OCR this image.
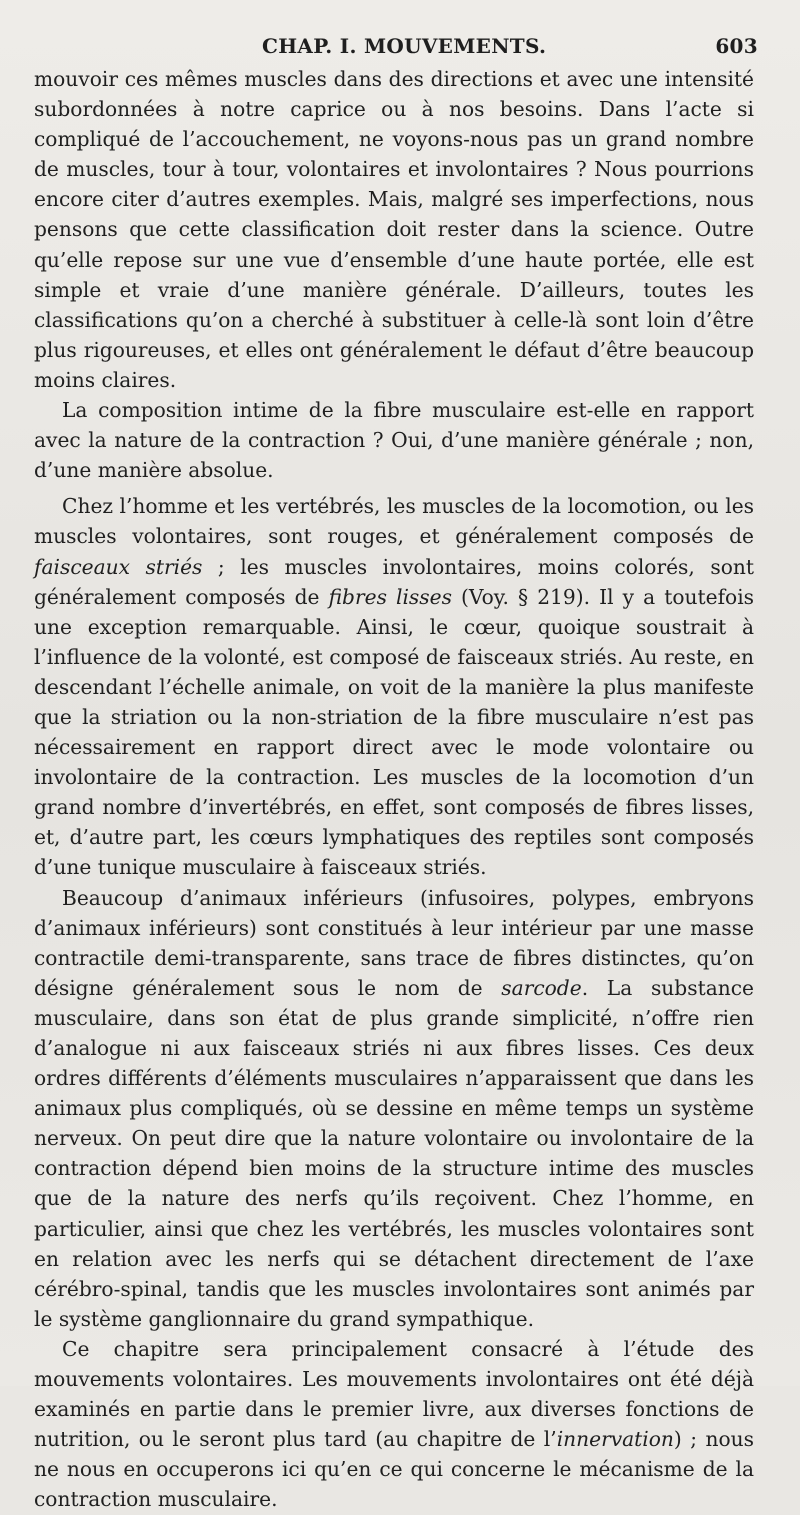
CHAP. I. MOUVEMENTS.	603

mouvoir ces mêmes muscles dans des directions et avec une intensité subordonnées à notre caprice ou à nos besoins. Dans l’acte si compliqué de l’accouchement, ne voyons-nous pas un grand nombre de muscles, tour à tour, volontaires et involontaires ? Nous pourrions encore citer d’autres exemples. Mais, malgré ses imperfections, nous pensons que cette classification doit rester dans la science. Outre qu’elle repose sur une vue d’ensemble d’une haute portée, elle est simple et vraie d’une manière générale. D’ailleurs, toutes les classifications qu’on a cherché à substituer à celle-là sont loin d’être plus rigoureuses, et elles ont généralement le défaut d’être beaucoup moins claires.

La composition intime de la fibre musculaire est-elle en rapport avec la nature de la contraction ? Oui, d’une manière générale ; non, d’une manière absolue.

Chez l’homme et les vertébrés, les muscles de la locomotion, ou les muscles volontaires, sont rouges, et généralement composés de faisceaux striés ; les muscles involontaires, moins colorés, sont généralement composés de fibres lisses (Voy. § 219). Il y a toutefois une exception remarquable. Ainsi, le cœur, quoique soustrait à l’influence de la volonté, est composé de faisceaux striés. Au reste, en descendant l’échelle animale, on voit de la manière la plus manifeste que la striation ou la non-striation de la fibre musculaire n’est pas nécessairement en rapport direct avec le mode volontaire ou involontaire de la contraction. Les muscles de la locomotion d’un grand nombre d’invertébrés, en effet, sont composés de fibres lisses, et, d’autre part, les cœurs lymphatiques des reptiles sont composés d’une tunique musculaire à faisceaux striés.

Beaucoup d’animaux inférieurs (infusoires, polypes, embryons d’animaux inférieurs) sont constitués à leur intérieur par une masse contractile demi-transparente, sans trace de fibres distinctes, qu’on désigne généralement sous le nom de sarcode. La substance musculaire, dans son état de plus grande simplicité, n’offre rien d’analogue ni aux faisceaux striés ni aux fibres lisses. Ces deux ordres différents d’éléments musculaires n’apparaissent que dans les animaux plus compliqués, où se dessine en même temps un système nerveux. On peut dire que la nature volontaire ou involontaire de la contraction dépend bien moins de la structure intime des muscles que de la nature des nerfs qu’ils reçoivent. Chez l’homme, en particulier, ainsi que chez les vertébrés, les muscles volontaires sont en relation avec les nerfs qui se détachent directement de l’axe cérébro-spinal, tandis que les muscles involontaires sont animés par le système ganglionnaire du grand sympathique.

Ce chapitre sera principalement consacré à l’étude des mouvements volontaires. Les mouvements involontaires ont été déjà examinés en partie dans le premier livre, aux diverses fonctions de nutrition, ou le seront plus tard (au chapitre de l’innervation) ; nous ne nous en occuperons ici qu’en ce qui concerne le mécanisme de la contraction musculaire.
